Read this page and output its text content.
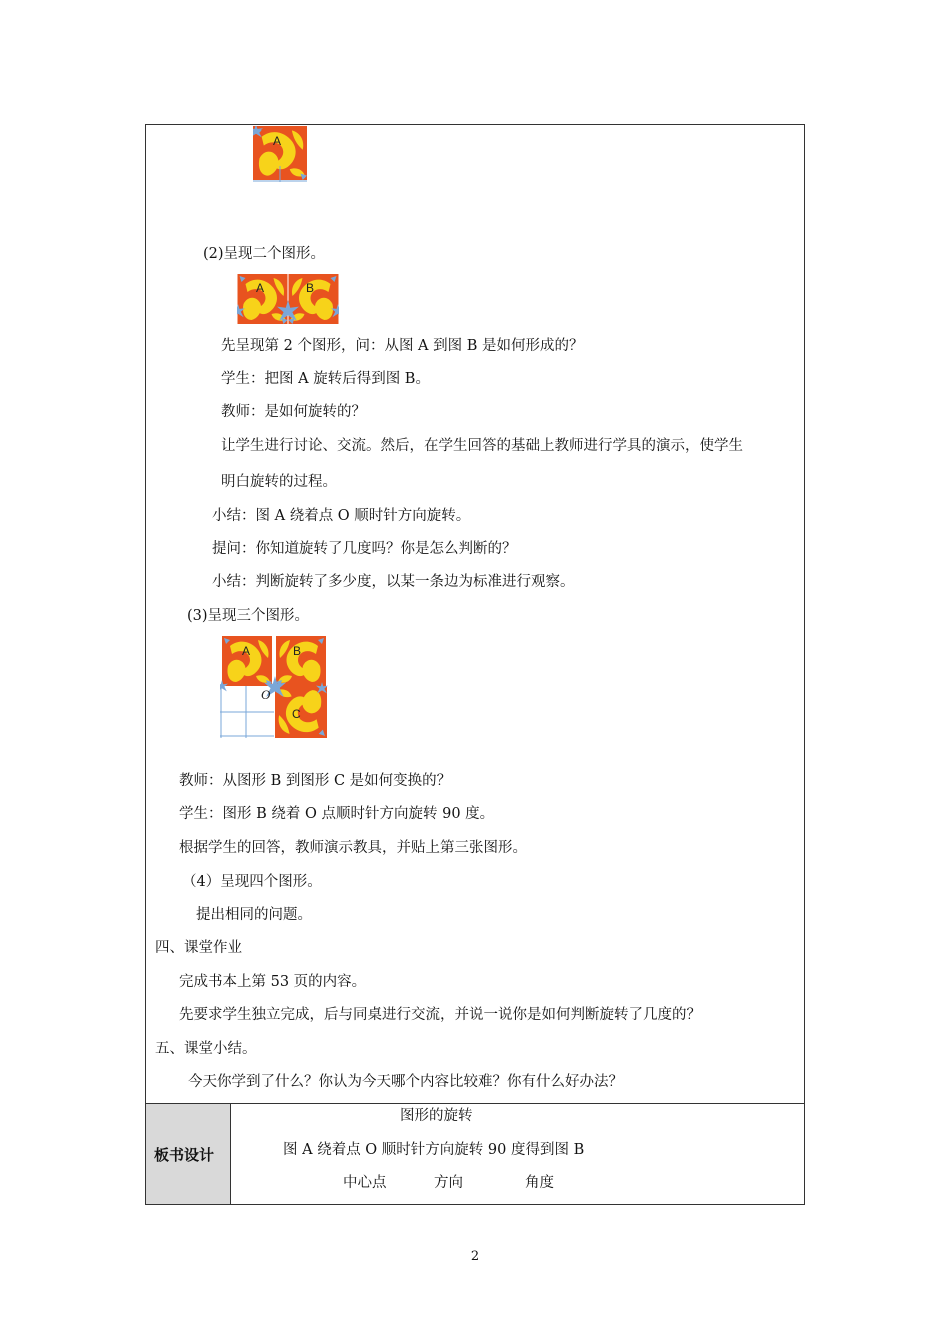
A
(2)呈现二个图形。
A	B
先呈现第 2 个图形，问：从图 A 到图 B 是如何形成的？
学生：把图 A 旋转后得到图 B。
教师：是如何旋转的？
让学生进行讨论、交流。然后，在学生回答的基础上教师进行学具的演示，使学生
明白旋转的过程。
小结：图 A 绕着点 O 顺时针方向旋转。
提问：你知道旋转了几度吗？你是怎么判断的？
小结：判断旋转了多少度，以某一条边为标准进行观察。
(3)呈现三个图形。
A	B
O
C
教师：从图形 B 到图形 C 是如何变换的？
学生：图形 B 绕着 O 点顺时针方向旋转 90 度。
根据学生的回答，教师演示教具，并贴上第三张图形。
（4）呈现四个图形。
提出相同的问题。
四、课堂作业
完成书本上第 53 页的内容。
先要求学生独立完成，后与同桌进行交流，并说一说你是如何判断旋转了几度的？
五、课堂小结。
今天你学到了什么？你认为今天哪个内容比较难？你有什么好办法？
板书设计
图形的旋转
图 A 绕着点 O 顺时针方向旋转 90 度得到图 B
中心点	方向	角度
2
